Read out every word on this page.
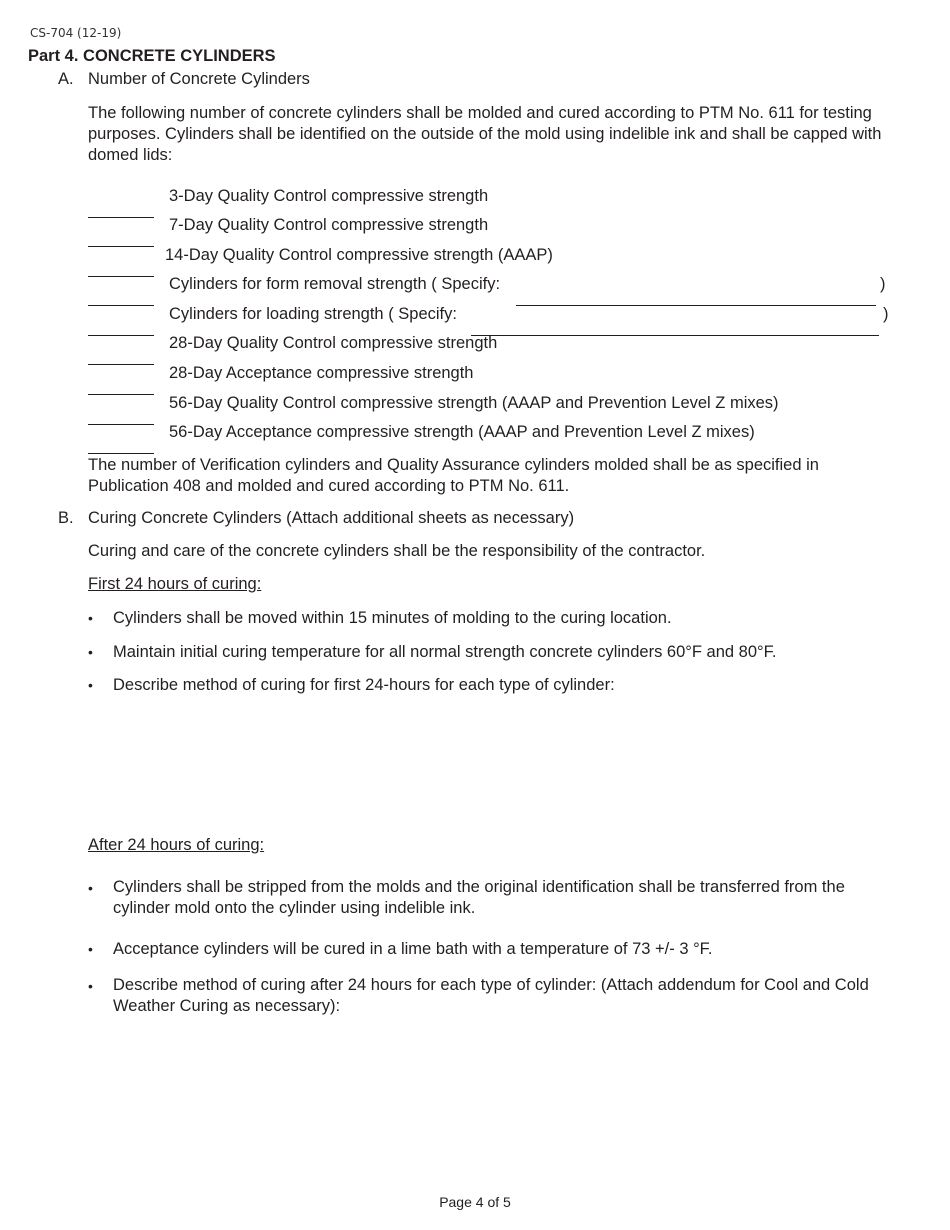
CS-704 (12-19)
Part 4. CONCRETE CYLINDERS
A. Number of Concrete Cylinders
The following number of concrete cylinders shall be molded and cured according to PTM No. 611 for testing purposes. Cylinders shall be identified on the outside of the mold using indelible ink and shall be capped with domed lids:
3-Day Quality Control compressive strength
7-Day Quality Control compressive strength
14-Day Quality Control compressive strength (AAAP)
Cylinders for form removal strength ( Specify:	)
Cylinders for loading strength ( Specify:	)
28-Day Quality Control compressive strength
28-Day Acceptance compressive strength
56-Day Quality Control compressive strength (AAAP and Prevention Level Z mixes)
56-Day Acceptance compressive strength (AAAP and Prevention Level Z mixes)
The number of Verification cylinders and Quality Assurance cylinders molded shall be as specified in Publication 408 and molded and cured according to PTM No. 611.
B. Curing Concrete Cylinders (Attach additional sheets as necessary)
Curing and care of the concrete cylinders shall be the responsibility of the contractor.
First 24 hours of curing:
• Cylinders shall be moved within 15 minutes of molding to the curing location.
• Maintain initial curing temperature for all normal strength concrete cylinders 60°F and 80°F.
• Describe method of curing for first 24-hours for each type of cylinder:
After 24 hours of curing:
• Cylinders shall be stripped from the molds and the original identification shall be transferred from the cylinder mold onto the cylinder using indelible ink.
• Acceptance cylinders will be cured in a lime bath with a temperature of 73 +/- 3 °F.
• Describe method of curing after 24 hours for each type of cylinder: (Attach addendum for Cool and Cold Weather Curing as necessary):
Page 4 of 5
